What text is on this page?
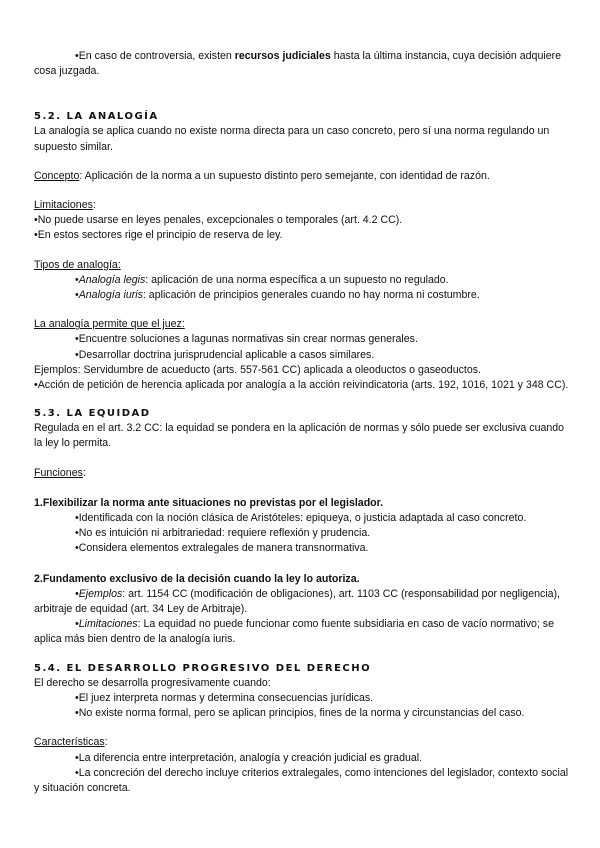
•En caso de controversia, existen recursos judiciales hasta la última instancia, cuya decisión adquiere cosa juzgada.

5.2. LA ANALOGÍA

La analogía se aplica cuando no existe norma directa para un caso concreto, pero sí una norma regulando un supuesto similar.

Concepto: Aplicación de la norma a un supuesto distinto pero semejante, con identidad de razón.

Limitaciones:

•No puede usarse en leyes penales, excepcionales o temporales (art. 4.2 CC).

•En estos sectores rige el principio de reserva de ley.

Tipos de analogía:

•Analogía legis: aplicación de una norma específica a un supuesto no regulado.

•Analogía iuris: aplicación de principios generales cuando no hay norma ni costumbre.

La analogía permite que el juez:

•Encuentre soluciones a lagunas normativas sin crear normas generales.

•Desarrollar doctrina jurisprudencial aplicable a casos similares.

Ejemplos: Servidumbre de acueducto (arts. 557-561 CC) aplicada a oleoductos o gaseoductos.

•Acción de petición de herencia aplicada por analogía a la acción reivindicatoria (arts. 192, 1016, 1021 y 348 CC).

5.3. LA EQUIDAD

Regulada en el art. 3.2 CC: la equidad se pondera en la aplicación de normas y sólo puede ser exclusiva cuando la ley lo permita.

Funciones:

1.Flexibilizar la norma ante situaciones no previstas por el legislador.

•Identificada con la noción clásica de Aristóteles: epiqueya, o justicia adaptada al caso concreto.

•No es intuición ni arbitrariedad: requiere reflexión y prudencia.

•Considera elementos extralegales de manera transnormativa.

2.Fundamento exclusivo de la decisión cuando la ley lo autoriza.

•Ejemplos: art. 1154 CC (modificación de obligaciones), art. 1103 CC (responsabilidad por negligencia), arbitraje de equidad (art. 34 Ley de Arbitraje).

•Limitaciones: La equidad no puede funcionar como fuente subsidiaria en caso de vacío normativo; se aplica más bien dentro de la analogía iuris.

5.4. EL DESARROLLO PROGRESIVO DEL DERECHO

El derecho se desarrolla progresivamente cuando:

•El juez interpreta normas y determina consecuencias jurídicas.

•No existe norma formal, pero se aplican principios, fines de la norma y circunstancias del caso.

Características:

•La diferencia entre interpretación, analogía y creación judicial es gradual.

•La concreción del derecho incluye criterios extralegales, como intenciones del legislador, contexto social y situación concreta.
